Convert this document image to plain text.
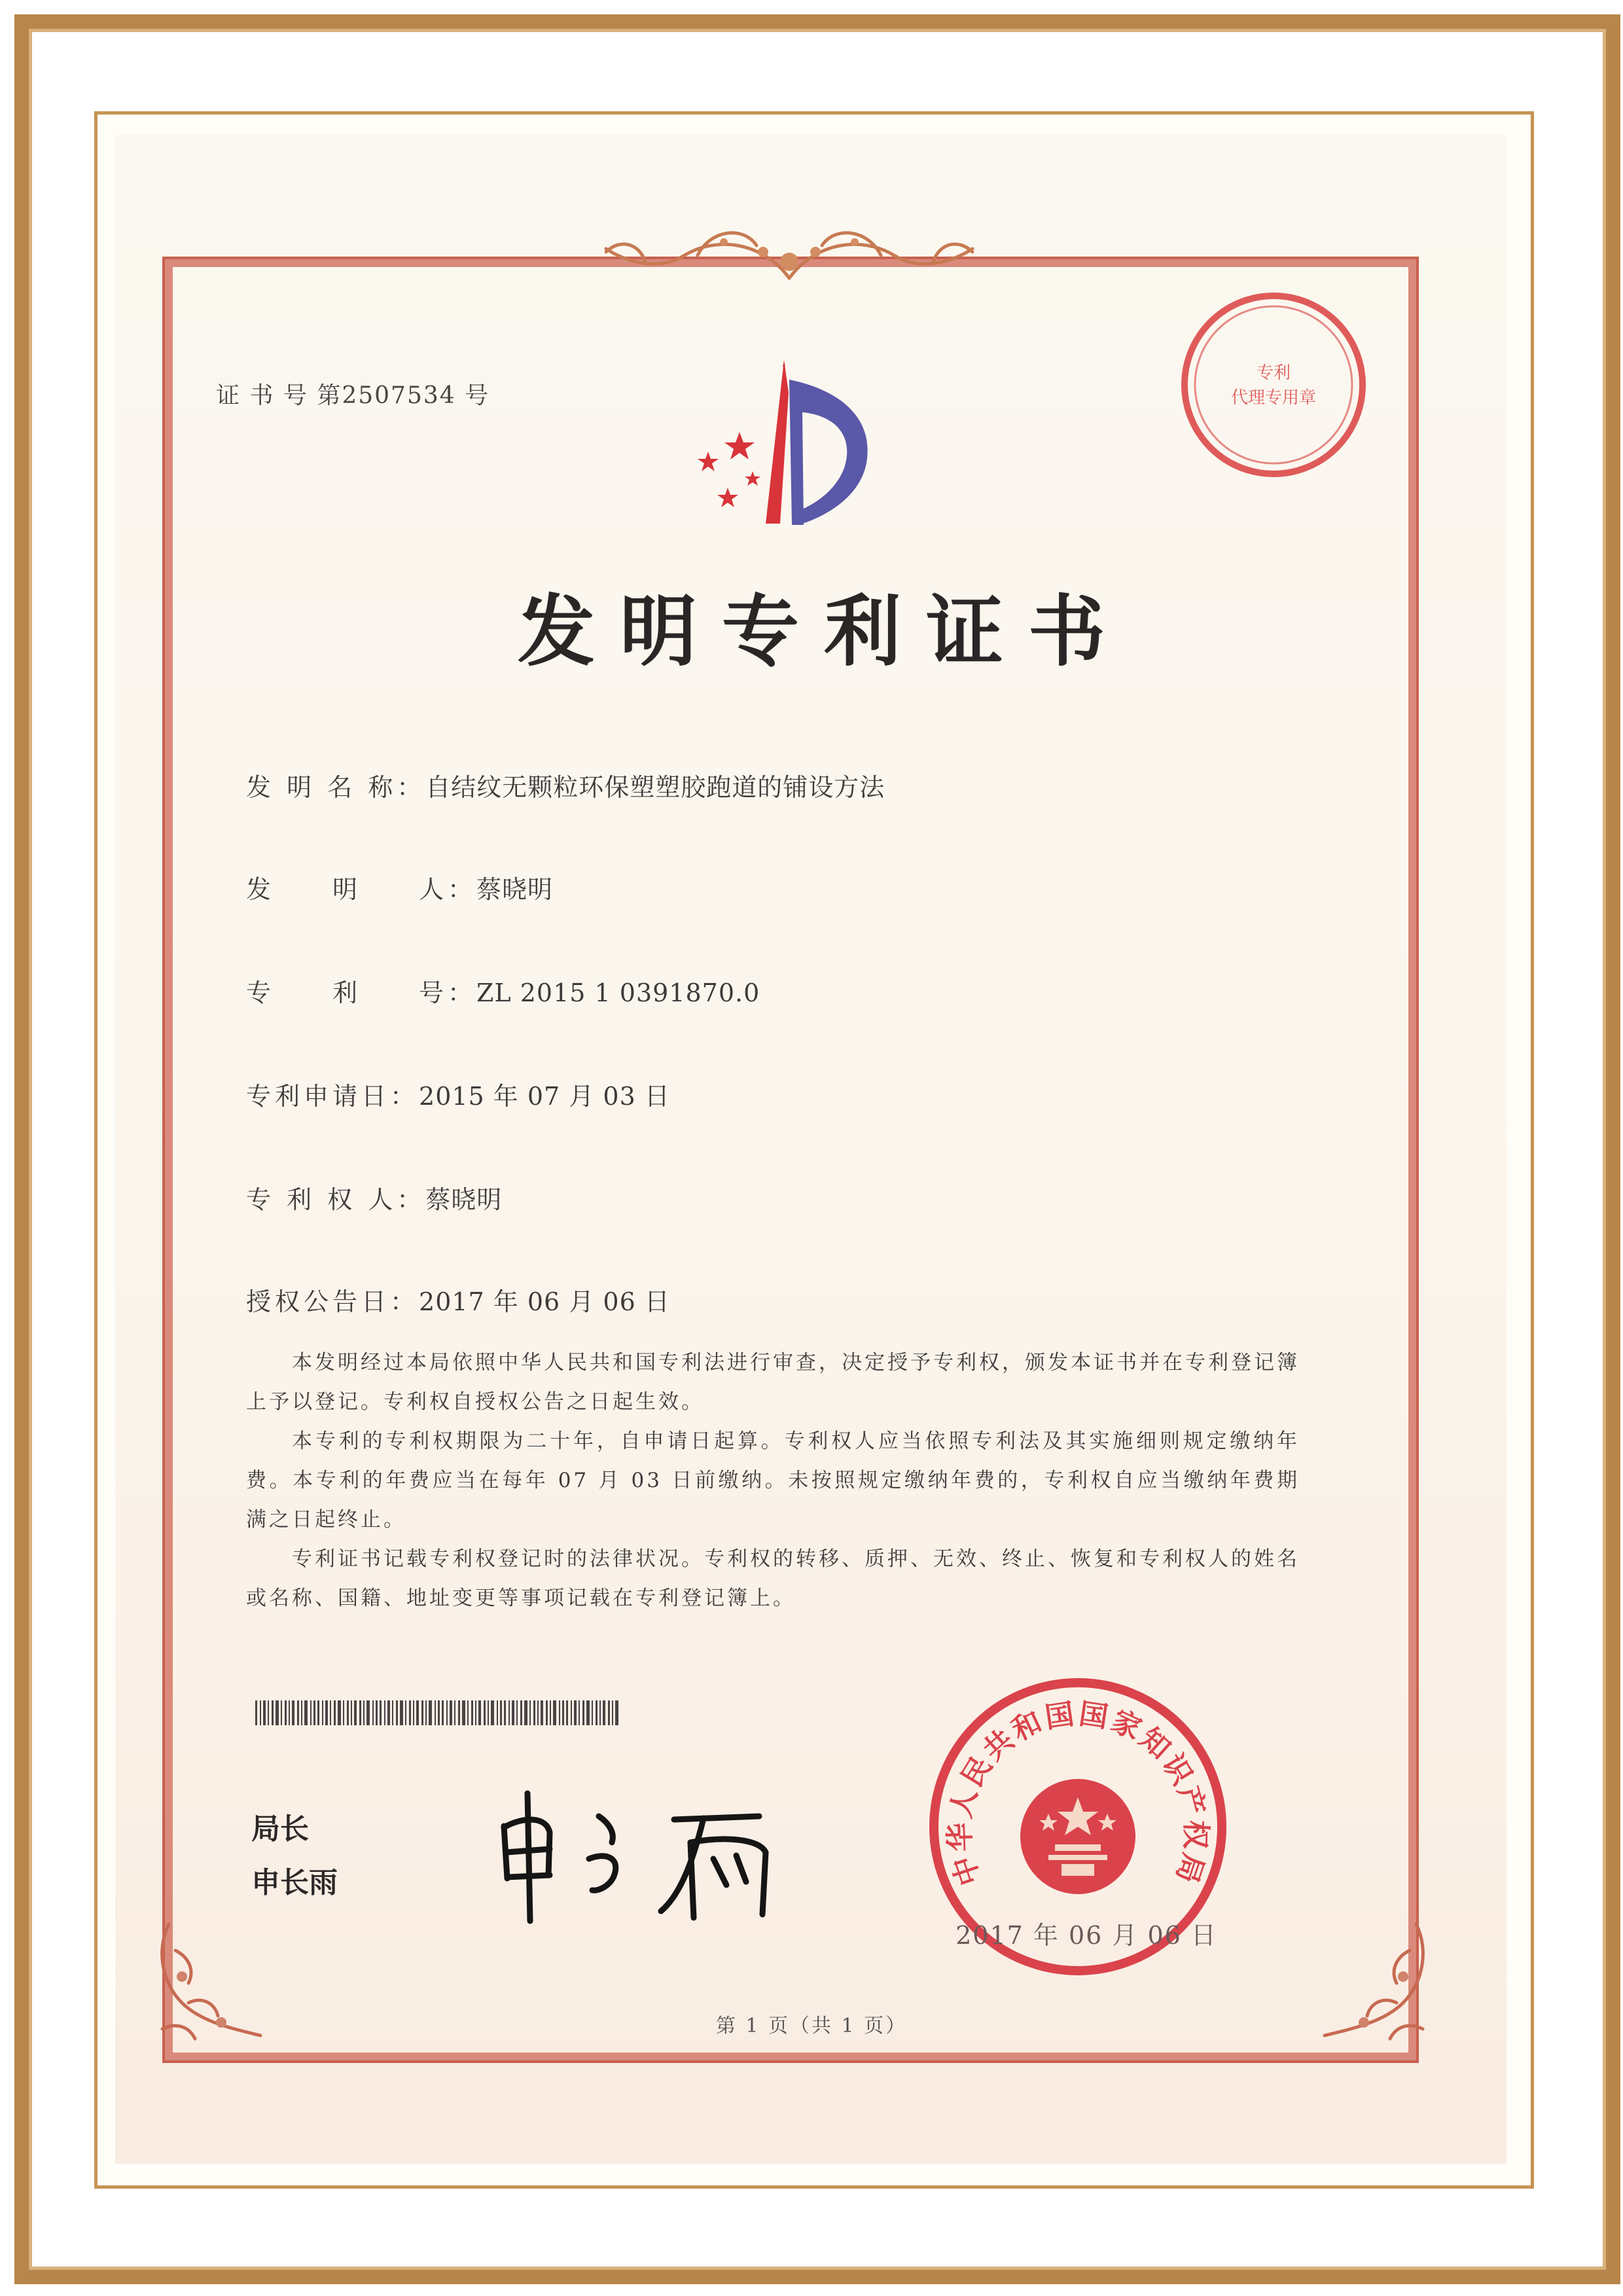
证 书 号 第2507534 号
专利
代理专用章
发明专利证书
发 明 名 称：自结纹无颗粒环保塑塑胶跑道的铺设方法
发　　明　　人：蔡晓明
专　　利　　号：ZL 2015 1 0391870.0
专利申请日：2015 年 07 月 03 日
专 利 权 人：蔡晓明
授权公告日：2017 年 06 月 06 日

本发明经过本局依照中华人民共和国专利法进行审查，决定授予专利权，颁发本证书并在专利登记簿上予以登记。专利权自授权公告之日起生效。

本专利的专利权期限为二十年，自申请日起算。专利权人应当依照专利法及其实施细则规定缴纳年费。本专利的年费应当在每年 07 月 03 日前缴纳。未按照规定缴纳年费的，专利权自应当缴纳年费期满之日起终止。

专利证书记载专利权登记时的法律状况。专利权的转移、质押、无效、终止、恢复和专利权人的姓名或名称、国籍、地址变更等事项记载在专利登记簿上。

局长
申长雨	中华人民共和国国家知识产权局
2017 年 06 月 06 日
第 1 页（共 1 页）
